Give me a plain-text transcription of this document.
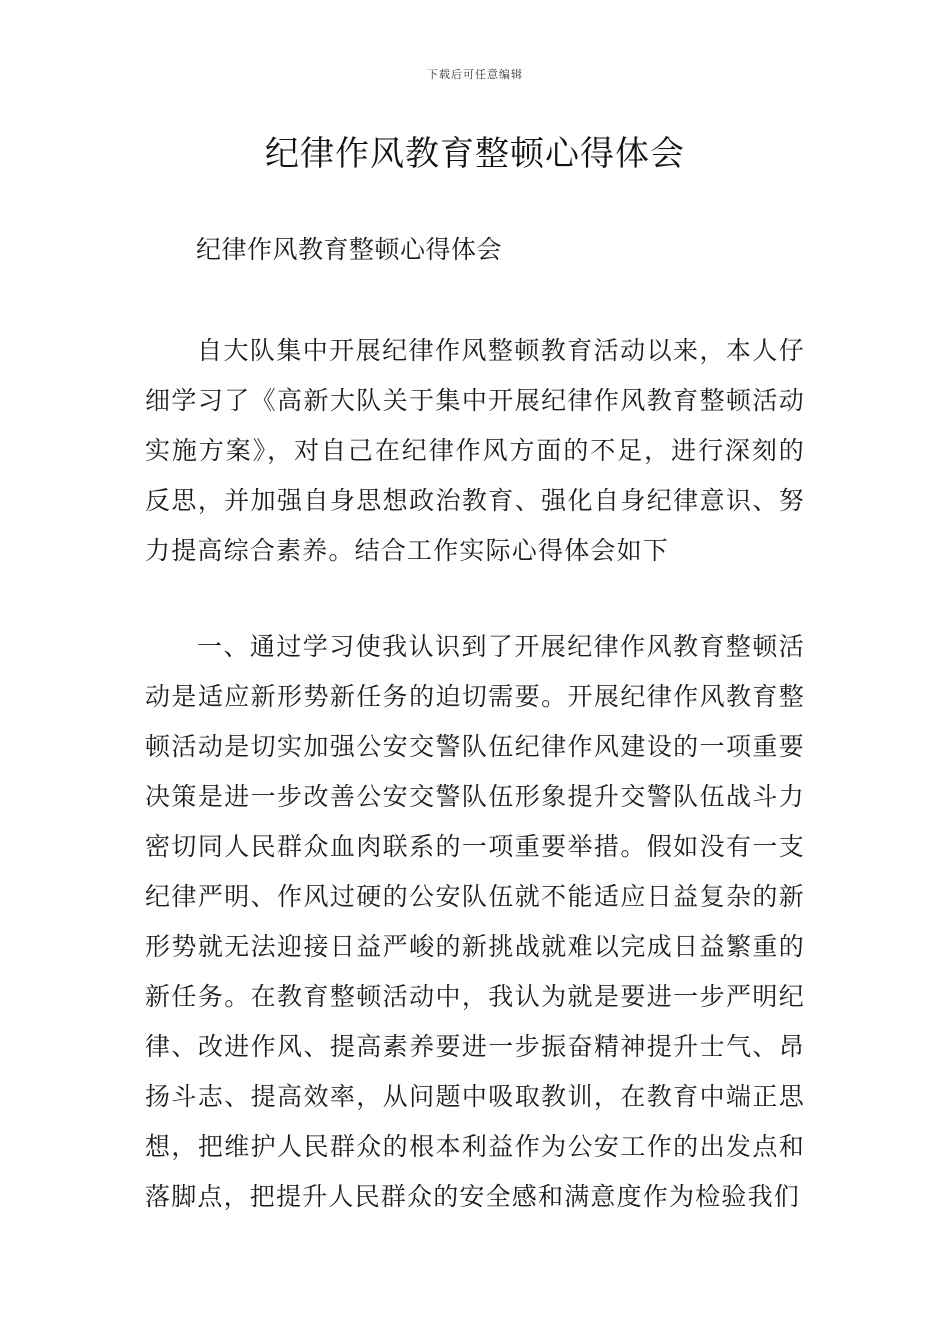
下载后可任意编辑
纪律作风教育整顿心得体会
纪律作风教育整顿心得体会

自大队集中开展纪律作风整顿教育活动以来，本人仔细学习了《高新大队关于集中开展纪律作风教育整顿活动实施方案》，对自己在纪律作风方面的不足，进行深刻的反思，并加强自身思想政治教育、强化自身纪律意识、努力提高综合素养。结合工作实际心得体会如下

一、通过学习使我认识到了开展纪律作风教育整顿活动是适应新形势新任务的迫切需要。开展纪律作风教育整顿活动是切实加强公安交警队伍纪律作风建设的一项重要决策是进一步改善公安交警队伍形象提升交警队伍战斗力密切同人民群众血肉联系的一项重要举措。假如没有一支纪律严明、作风过硬的公安队伍就不能适应日益复杂的新形势就无法迎接日益严峻的新挑战就难以完成日益繁重的新任务。在教育整顿活动中，我认为就是要进一步严明纪律、改进作风、提高素养要进一步振奋精神提升士气、昂扬斗志、提高效率，从问题中吸取教训，在教育中端正思想，把维护人民群众的根本利益作为公安工作的出发点和落脚点，把提升人民群众的安全感和满意度作为检验我们
